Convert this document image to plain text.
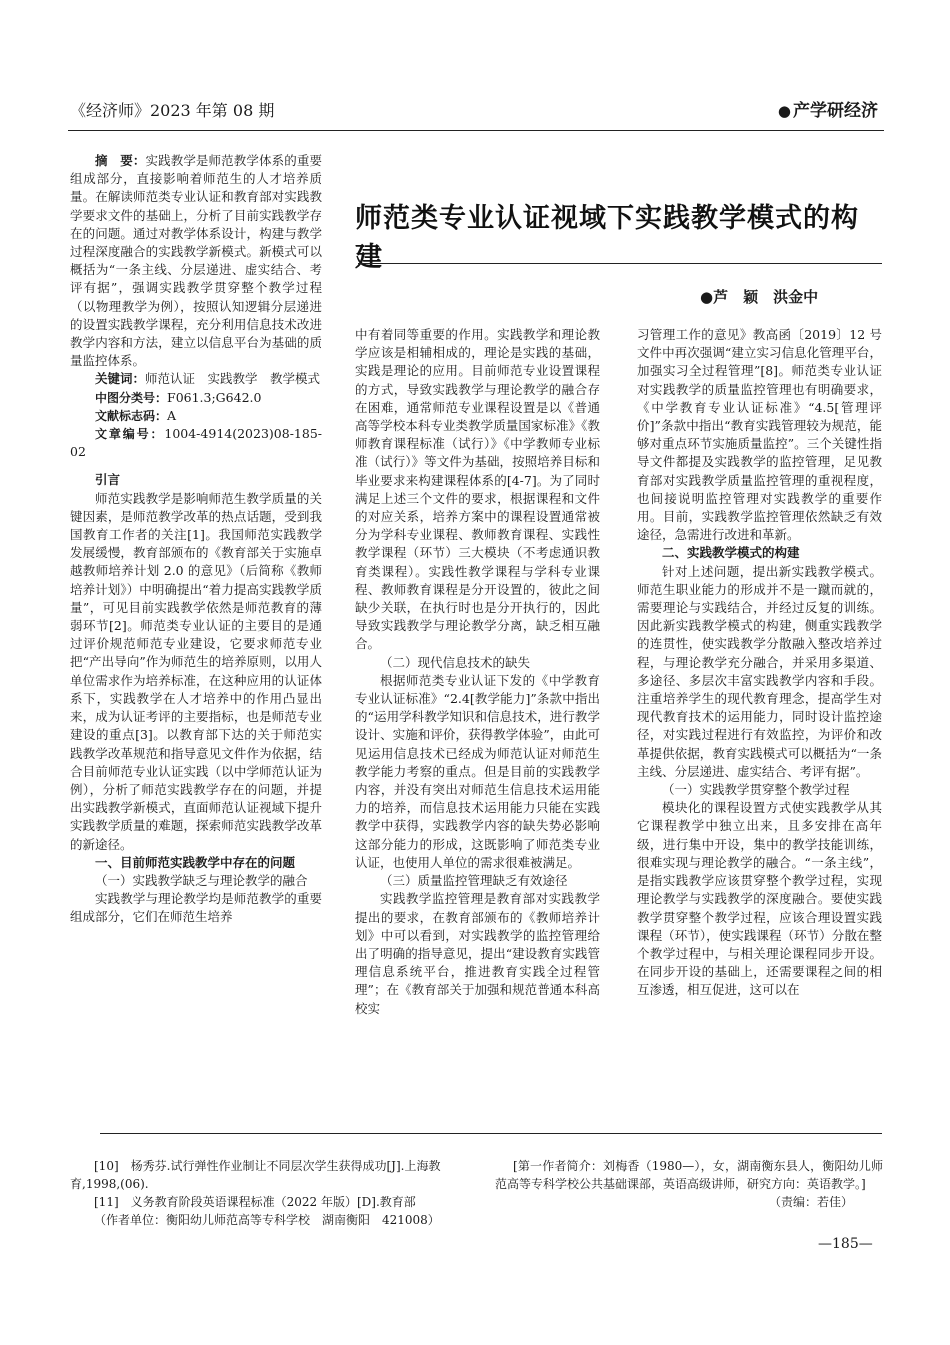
《经济师》2023 年第 08 期	● 产学研经济
师范类专业认证视域下实践教学模式的构建
●芦　颖　洪金中

摘　要：实践教学是师范教学体系的重要组成部分，直接影响着师范生的人才培养质量。在解读师范类专业认证和教育部对实践教学要求文件的基础上，分析了目前实践教学存在的问题。通过对教学体系设计，构建与教学过程深度融合的实践教学新模式。新模式可以概括为“一条主线、分层递进、虚实结合、考评有据”，强调实践教学贯穿整个教学过程（以物理教学为例），按照认知逻辑分层递进的设置实践教学课程，充分利用信息技术改进教学内容和方法，建立以信息平台为基础的质量监控体系。

关键词：师范认证　实践教学　教学模式

中图分类号：F061.3;G642.0

文献标志码：A

文章编号：1004-4914(2023)08-185-02

引言

师范实践教学是影响师范生教学质量的关键因素，是师范教学改革的热点话题，受到我国教育工作者的关注[1]。我国师范实践教学发展缓慢，教育部颁布的《教育部关于实施卓越教师培养计划 2.0 的意见》（后简称《教师培养计划》）中明确提出“着力提高实践教学质量”，可见目前实践教学依然是师范教育的薄弱环节[2]。师范类专业认证的主要目的是通过评价规范师范专业建设，它要求师范专业把“产出导向”作为师范生的培养原则，以用人单位需求作为培养标准，在这种应用的认证体系下，实践教学在人才培养中的作用凸显出来，成为认证考评的主要指标，也是师范专业建设的重点[3]。以教育部下达的关于师范实践教学改革规范和指导意见文件作为依据，结合目前师范专业认证实践（以中学师范认证为例），分析了师范实践教学存在的问题，并提出实践教学新模式，直面师范认证视域下提升实践教学质量的难题，探索师范实践教学改革的新途径。

一、目前师范实践教学中存在的问题
（一）实践教学缺乏与理论教学的融合

实践教学与理论教学均是师范教学的重要组成部分，它们在师范生培养

中有着同等重要的作用。实践教学和理论教学应该是相辅相成的，理论是实践的基础，实践是理论的应用。目前师范专业设置课程的方式，导致实践教学与理论教学的融合存在困难，通常师范专业课程设置是以《普通高等学校本科专业类教学质量国家标准》《教师教育课程标准（试行）》《中学教师专业标准（试行）》等文件为基础，按照培养目标和毕业要求来构建课程体系的[4-7]。为了同时满足上述三个文件的要求，根据课程和文件的对应关系，培养方案中的课程设置通常被分为学科专业课程、教师教育课程、实践性教学课程（环节）三大模块（不考虑通识教育类课程）。实践性教学课程与学科专业课程、教师教育课程是分开设置的，彼此之间缺少关联，在执行时也是分开执行的，因此导致实践教学与理论教学分离，缺乏相互融合。

（二）现代信息技术的缺失

根据师范类专业认证下发的《中学教育专业认证标准》“2.4[教学能力]”条款中指出的“运用学科教学知识和信息技术，进行教学设计、实施和评价，获得教学体验”，由此可见运用信息技术已经成为师范认证对师范生教学能力考察的重点。但是目前的实践教学内容，并没有突出对师范生信息技术运用能力的培养，而信息技术运用能力只能在实践教学中获得，实践教学内容的缺失势必影响这部分能力的形成，这既影响了师范类专业认证，也使用人单位的需求很难被满足。

（三）质量监控管理缺乏有效途径

实践教学监控管理是教育部对实践教学提出的要求，在教育部颁布的《教师培养计划》中可以看到，对实践教学的监控管理给出了明确的指导意见，提出“建设教育实践管理信息系统平台，推进教育实践全过程管理”；在《教育部关于加强和规范普通本科高校实

习管理工作的意见》教高函〔2019〕12 号文件中再次强调“建立实习信息化管理平台，加强实习全过程管理”[8]。师范类专业认证对实践教学的质量监控管理也有明确要求，《中学教育专业认证标准》“4.5[管理评价]”条款中指出“教育实践管理较为规范，能够对重点环节实施质量监控”。三个关键性指导文件都提及实践教学的监控管理，足见教育部对实践教学质量监控管理的重视程度，也间接说明监控管理对实践教学的重要作用。目前，实践教学监控管理依然缺乏有效途径，急需进行改进和革新。

二、实践教学模式的构建

针对上述问题，提出新实践教学模式。师范生职业能力的形成并不是一蹴而就的，需要理论与实践结合，并经过反复的训练。因此新实践教学模式的构建，侧重实践教学的连贯性，使实践教学分散融入整改培养过程，与理论教学充分融合，并采用多渠道、多途径、多层次丰富实践教学内容和手段。注重培养学生的现代教育理念，提高学生对现代教育技术的运用能力，同时设计监控途径，对实践过程进行有效监控，为评价和改革提供依据，教育实践模式可以概括为“一条主线、分层递进、虚实结合、考评有据”。

（一）实践教学贯穿整个教学过程

模块化的课程设置方式使实践教学从其它课程教学中独立出来，且多安排在高年级，进行集中开设，集中的教学技能训练，很难实现与理论教学的融合。“一条主线”，是指实践教学应该贯穿整个教学过程，实现理论教学与实践教学的深度融合。要使实践教学贯穿整个教学过程，应该合理设置实践课程（环节），使实践课程（环节）分散在整个教学过程中，与相关理论课程同步开设。在同步开设的基础上，还需要课程之间的相互渗透，相互促进，这可以在

[10]　杨秀芬.试行弹性作业制让不同层次学生获得成功[J].上海教育,1998,(06).

[11]　义务教育阶段英语课程标准（2022 年版）[D].教育部

（作者单位：衡阳幼儿师范高等专科学校　湖南衡阳　421008）

[第一作者简介：刘梅香（1980—），女，湖南衡东县人，衡阳幼儿师范高等专科学校公共基础课部，英语高级讲师，研究方向：英语教学。]

（责编：若佳）
—185—
